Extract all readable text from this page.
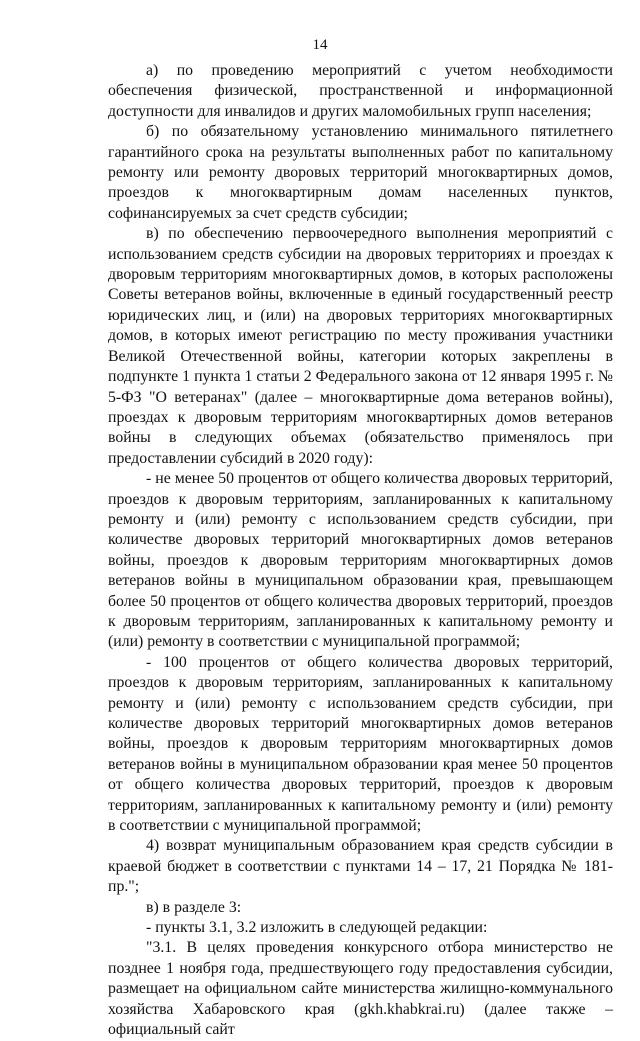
14

а) по проведению мероприятий с учетом необходимости обеспечения физической, пространственной и информационной доступности для инвалидов и других маломобильных групп населения;

б) по обязательному установлению минимального пятилетнего гарантийного срока на результаты выполненных работ по капитальному ремонту или ремонту дворовых территорий многоквартирных домов, проездов к многоквартирным домам населенных пунктов, софинансируемых за счет средств субсидии;

в) по обеспечению первоочередного выполнения мероприятий с использованием средств субсидии на дворовых территориях и проездах к дворовым территориям многоквартирных домов, в которых расположены Советы ветеранов войны, включенные в единый государственный реестр юридических лиц, и (или) на дворовых территориях многоквартирных домов, в которых имеют регистрацию по месту проживания участники Великой Отечественной войны, категории которых закреплены в подпункте 1 пункта 1 статьи 2 Федерального закона от 12 января 1995 г. № 5-ФЗ "О ветеранах" (далее – многоквартирные дома ветеранов войны), проездах к дворовым территориям многоквартирных домов ветеранов войны в следующих объемах (обязательство применялось при предоставлении субсидий в 2020 году):

- не менее 50 процентов от общего количества дворовых территорий, проездов к дворовым территориям, запланированных к капитальному ремонту и (или) ремонту с использованием средств субсидии, при количестве дворовых территорий многоквартирных домов ветеранов войны, проездов к дворовым территориям многоквартирных домов ветеранов войны в муниципальном образовании края, превышающем более 50 процентов от общего количества дворовых территорий, проездов к дворовым территориям, запланированных к капитальному ремонту и (или) ремонту в соответствии с муниципальной программой;

- 100 процентов от общего количества дворовых территорий, проездов к дворовым территориям, запланированных к капитальному ремонту и (или) ремонту с использованием средств субсидии, при количестве дворовых территорий многоквартирных домов ветеранов войны, проездов к дворовым территориям многоквартирных домов ветеранов войны в муниципальном образовании края менее 50 процентов от общего количества дворовых территорий, проездов к дворовым территориям, запланированных к капитальному ремонту и (или) ремонту в соответствии с муниципальной программой;

4) возврат муниципальным образованием края средств субсидии в краевой бюджет в соответствии с пунктами 14 – 17, 21 Порядка № 181-пр.";

в) в разделе 3:

- пункты 3.1, 3.2 изложить в следующей редакции:

"3.1. В целях проведения конкурсного отбора министерство не позднее 1 ноября года, предшествующего году предоставления субсидии, размещает на официальном сайте министерства жилищно-коммунального хозяйства Хабаровского края (gkh.khabkrai.ru) (далее также – официальный сайт
